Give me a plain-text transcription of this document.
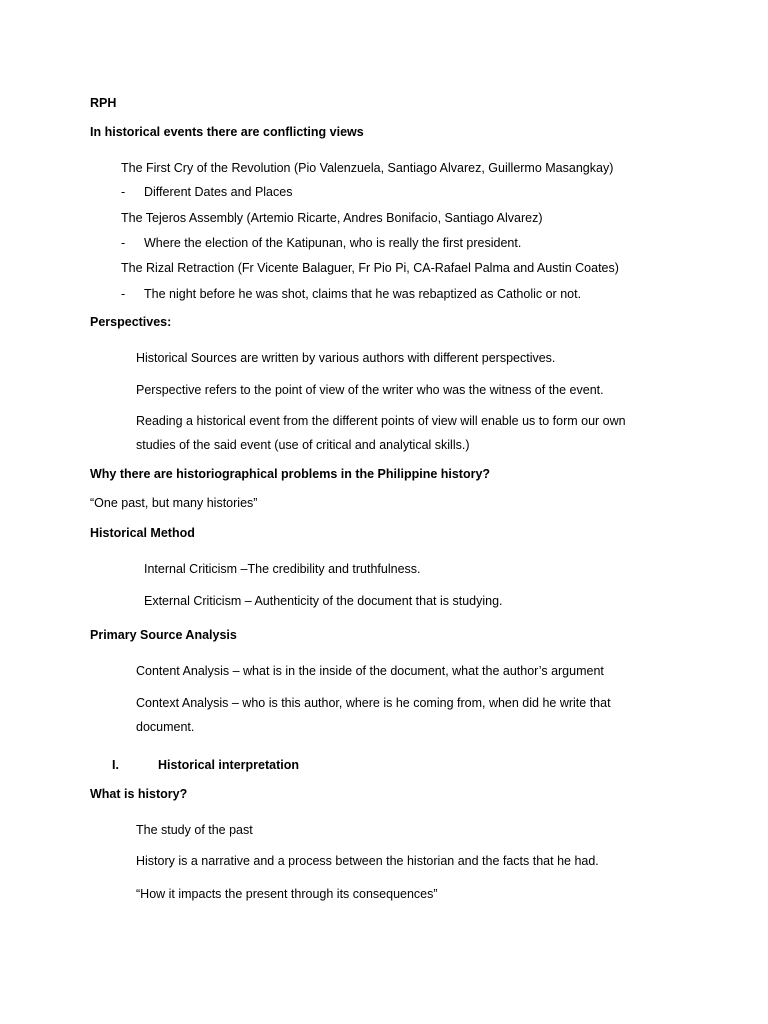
RPH
In historical events there are conflicting views
The First Cry of the Revolution (Pio Valenzuela, Santiago Alvarez, Guillermo Masangkay)
- Different Dates and Places
The Tejeros Assembly (Artemio Ricarte, Andres Bonifacio, Santiago Alvarez)
- Where the election of the Katipunan, who is really the first president.
The Rizal Retraction (Fr Vicente Balaguer, Fr Pio Pi, CA-Rafael Palma and Austin Coates)
- The night before he was shot, claims that he was rebaptized as Catholic or not.
Perspectives:
Historical Sources are written by various authors with different perspectives.
Perspective refers to the point of view of the writer who was the witness of the event.
Reading a historical event from the different points of view will enable us to form our own
studies of the said event (use of critical and analytical skills.)
Why there are historiographical problems in the Philippine history?
“One past, but many histories”
Historical Method
Internal Criticism –The credibility and truthfulness.
External Criticism – Authenticity of the document that is studying.
Primary Source Analysis
Content Analysis – what is in the inside of the document, what the author’s argument
Context Analysis – who is this author, where is he coming from, when did he write that
document.
I.	Historical interpretation
What is history?
The study of the past
History is a narrative and a process between the historian and the facts that he had.
“How it impacts the present through its consequences”
